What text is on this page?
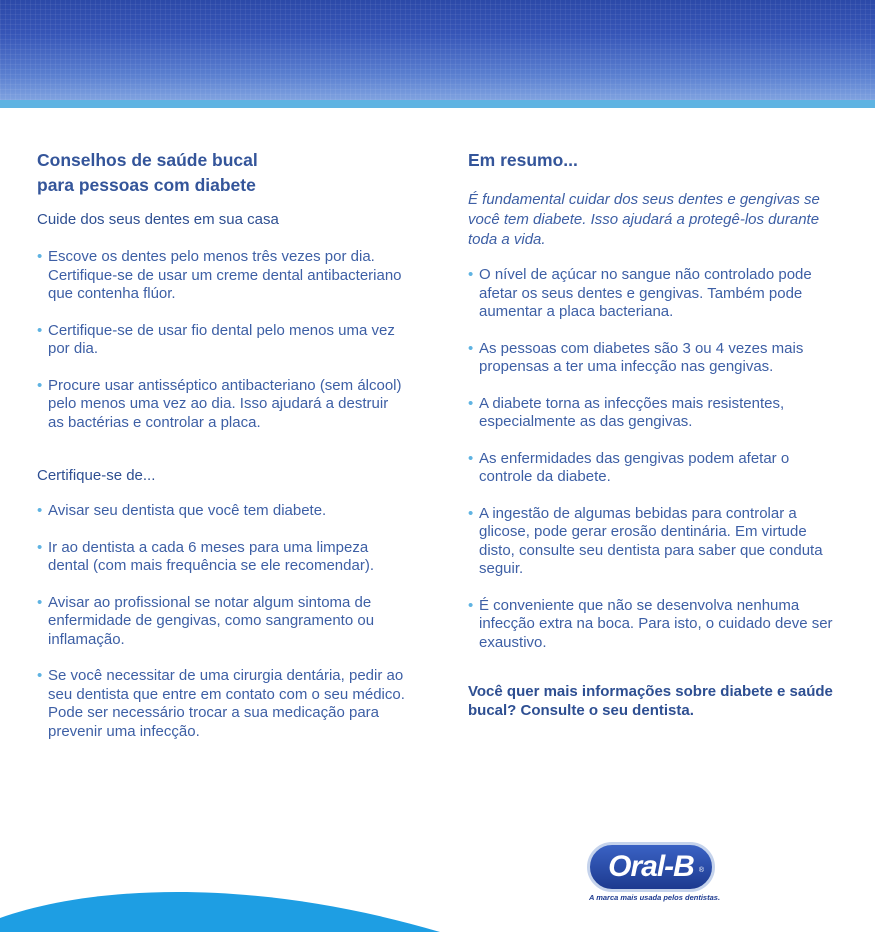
Conselhos de saúde bucal
para pessoas com diabete
Cuide dos seus dentes em sua casa
• Escove os dentes pelo menos três vezes por dia. Certifique-se de usar um creme dental antibacteriano que contenha flúor.
• Certifique-se de usar fio dental pelo menos uma vez por dia.
• Procure usar antisséptico antibacteriano (sem álcool) pelo menos uma vez ao dia. Isso ajudará a destruir as bactérias e controlar a placa.
Certifique-se de...
• Avisar seu dentista que você tem diabete.
• Ir ao dentista a cada 6 meses para uma limpeza dental (com mais frequência se ele recomendar).
• Avisar ao profissional se notar algum sintoma de enfermidade de gengivas, como sangramento ou inflamação.
• Se você necessitar de uma cirurgia dentária, pedir ao seu dentista que entre em contato com o seu médico. Pode ser necessário trocar a sua medicação para prevenir uma infecção.
Em resumo...

É fundamental cuidar dos seus dentes e gengivas se você tem diabete. Isso ajudará a protegê-los durante toda a vida.

• O nível de açúcar no sangue não controlado pode afetar os seus dentes e gengivas. Também pode aumentar a placa bacteriana.
• As pessoas com diabetes são 3 ou 4 vezes mais propensas a ter uma infecção nas gengivas.
• A diabete torna as infecções mais resistentes, especialmente as das gengivas.
• As enfermidades das gengivas podem afetar o controle da diabete.
• A ingestão de algumas bebidas para controlar a glicose, pode gerar erosão dentinária. Em virtude disto, consulte seu dentista para saber que conduta seguir.
• É conveniente que não se desenvolva nenhuma infecção extra na boca. Para isto, o cuidado deve ser exaustivo.
Você quer mais informações sobre diabete e saúde bucal? Consulte o seu dentista.
Oral-B ®
A marca mais usada pelos dentistas.
